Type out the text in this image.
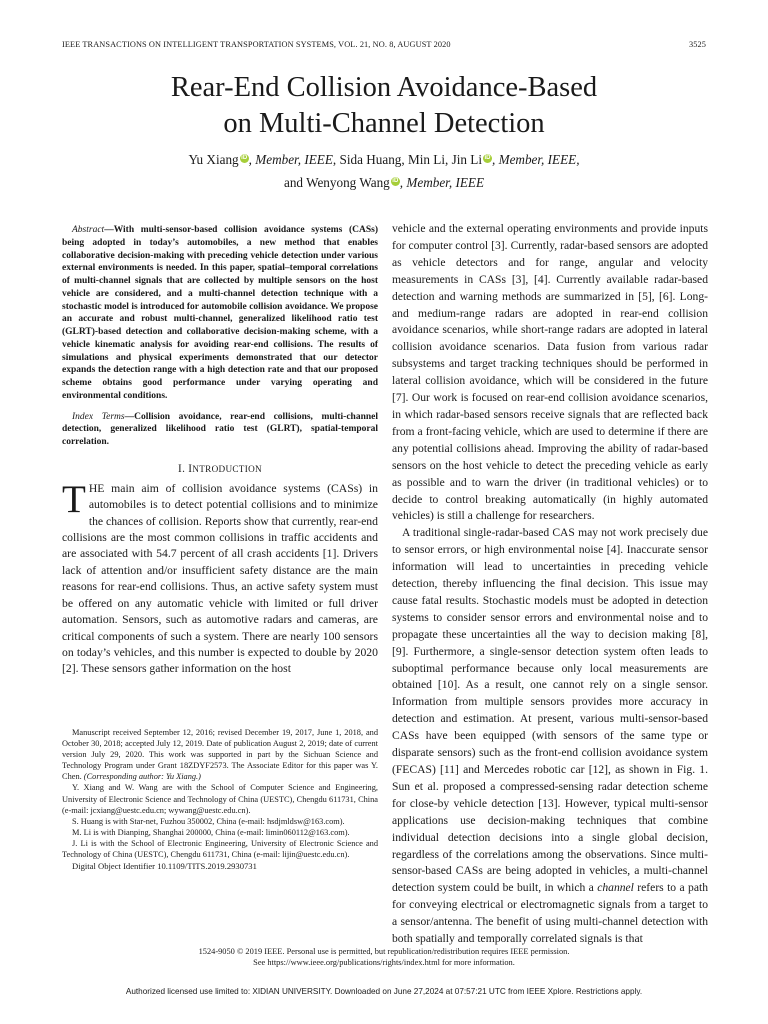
IEEE TRANSACTIONS ON INTELLIGENT TRANSPORTATION SYSTEMS, VOL. 21, NO. 8, AUGUST 2020	3525
Rear-End Collision Avoidance-Based
on Multi-Channel Detection
Yu Xiang iD , Member, IEEE, Sida Huang, Min Li, Jin Li iD , Member, IEEE,
and Wenyong Wang iD , Member, IEEE

Abstract—With multi-sensor-based collision avoidance systems (CASs) being adopted in today’s automobiles, a new method that enables collaborative decision-making with preceding vehicle detection under various external environments is needed. In this paper, spatial–temporal correlations of multi-channel signals that are collected by multiple sensors on the host vehicle are considered, and a multi-channel detection technique with a stochastic model is introduced for automobile collision avoidance. We propose an accurate and robust multi-channel, generalized likelihood ratio test (GLRT)-based detection and collaborative decision-making scheme, with a vehicle kinematic analysis for avoiding rear-end collisions. The results of simulations and physical experiments demonstrated that our detector expands the detection range with a high detection rate and that our proposed scheme obtains good performance under varying operating and environmental conditions.

Index Terms—Collision avoidance, rear-end collisions, multi-channel detection, generalized likelihood ratio test (GLRT), spatial-temporal correlation.

I. INTRODUCTION

THE main aim of collision avoidance systems (CASs) in automobiles is to detect potential collisions and to minimize the chances of collision. Reports show that currently, rear-end collisions are the most common collisions in traffic accidents and are associated with 54.7 percent of all crash accidents [1]. Drivers lack of attention and/or insufficient safety distance are the main reasons for rear-end collisions. Thus, an active safety system must be offered on any automatic vehicle with limited or full driver automation. Sensors, such as automotive radars and cameras, are critical components of such a system. There are nearly 100 sensors on today’s vehicles, and this number is expected to double by 2020 [2]. These sensors gather information on the host

Manuscript received September 12, 2016; revised December 19, 2017, June 1, 2018, and October 30, 2018; accepted July 12, 2019. Date of publication August 2, 2019; date of current version July 29, 2020. This work was supported in part by the Sichuan Science and Technology Program under Grant 18ZDYF2573. The Associate Editor for this paper was Y. Chen. (Corresponding author: Yu Xiang.)

Y. Xiang and W. Wang are with the School of Computer Science and Engineering, University of Electronic Science and Technology of China (UESTC), Chengdu 611731, China (e-mail: jcxiang@uestc.edu.cn; wywang@uestc.edu.cn).

S. Huang is with Star-net, Fuzhou 350002, China (e-mail: hsdjmldsw@163.com).

M. Li is with Dianping, Shanghai 200000, China (e-mail: limin060112@163.com).

J. Li is with the School of Electronic Engineering, University of Electronic Science and Technology of China (UESTC), Chengdu 611731, China (e-mail: lijin@uestc.edu.cn).

Digital Object Identifier 10.1109/TITS.2019.2930731

vehicle and the external operating environments and provide inputs for computer control [3]. Currently, radar-based sensors are adopted as vehicle detectors and for range, angular and velocity measurements in CASs [3], [4]. Currently available radar-based detection and warning methods are summarized in [5], [6]. Long- and medium-range radars are adopted in rear-end collision avoidance scenarios, while short-range radars are adopted in lateral collision avoidance scenarios. Data fusion from various radar subsystems and target tracking techniques should be performed in lateral collision avoidance, which will be considered in the future [7]. Our work is focused on rear-end collision avoidance scenarios, in which radar-based sensors receive signals that are reflected back from a front-facing vehicle, which are used to determine if there are any potential collisions ahead. Improving the ability of radar-based sensors on the host vehicle to detect the preceding vehicle as early as possible and to warn the driver (in traditional vehicles) or to decide to control breaking automatically (in highly automated vehicles) is still a challenge for researchers.

A traditional single-radar-based CAS may not work precisely due to sensor errors, or high environmental noise [4]. Inaccurate sensor information will lead to uncertainties in preceding vehicle detection, thereby influencing the final decision. This issue may cause fatal results. Stochastic models must be adopted in detection systems to consider sensor errors and environmental noise and to propagate these uncertainties all the way to decision making [8], [9]. Furthermore, a single-sensor detection system often leads to suboptimal performance because only local measurements are obtained [10]. As a result, one cannot rely on a single sensor. Information from multiple sensors provides more accuracy in detection and estimation. At present, various multi-sensor-based CASs have been equipped (with sensors of the same type or disparate sensors) such as the front-end collision avoidance system (FECAS) [11] and Mercedes robotic car [12], as shown in Fig. 1. Sun et al. proposed a compressed-sensing radar detection scheme for close-by vehicle detection [13]. However, typical multi-sensor applications use decision-making techniques that combine individual detection decisions into a single global decision, regardless of the correlations among the observations. Since multi-sensor-based CASs are being adopted in vehicles, a multi-channel detection system could be built, in which a channel refers to a path for conveying electrical or electromagnetic signals from a target to a sensor/antenna. The benefit of using multi-channel detection with both spatially and temporally correlated signals is that

1524-9050 © 2019 IEEE. Personal use is permitted, but republication/redistribution requires IEEE permission.
See https://www.ieee.org/publications/rights/index.html for more information.
Authorized licensed use limited to: XIDIAN UNIVERSITY. Downloaded on June 27,2024 at 07:57:21 UTC from IEEE Xplore. Restrictions apply.
